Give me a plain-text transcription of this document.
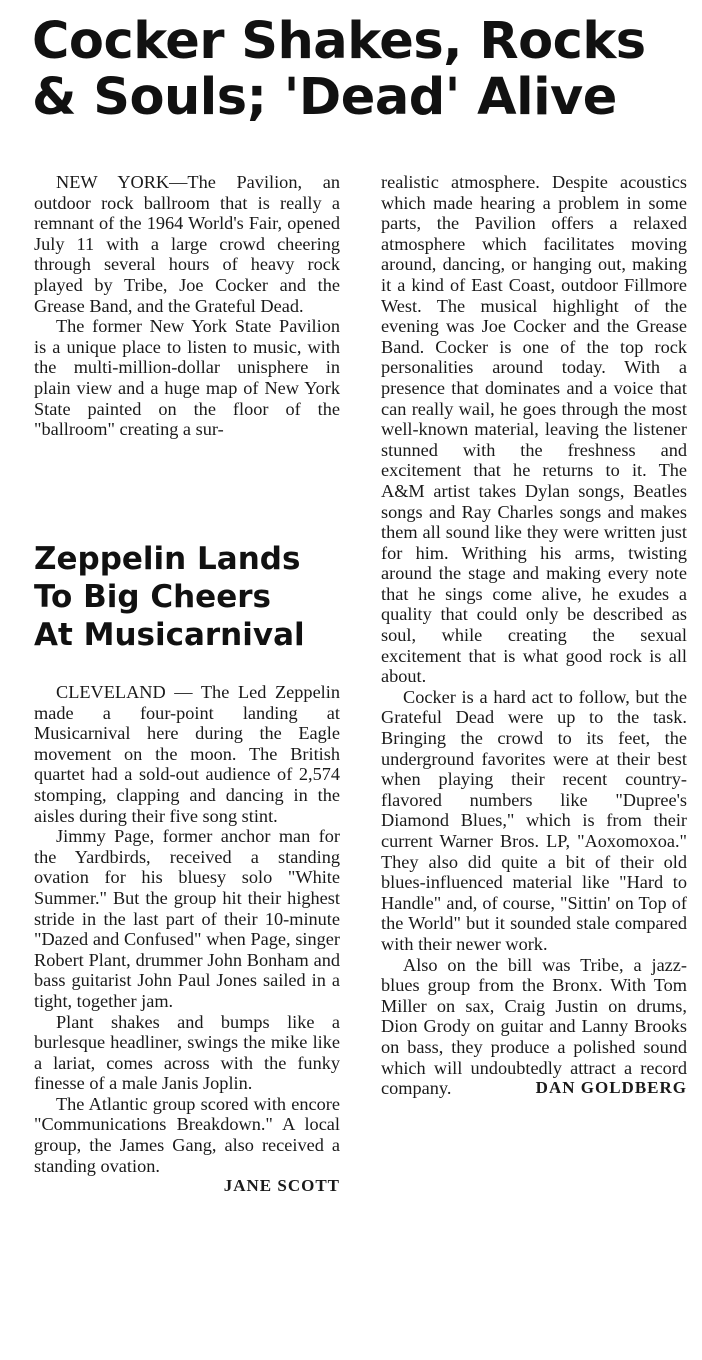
Cocker Shakes, Rocks
& Souls; 'Dead' Alive

NEW YORK—The Pavilion, an outdoor rock ballroom that is really a remnant of the 1964 World's Fair, opened July 11 with a large crowd cheering through several hours of heavy rock played by Tribe, Joe Cocker and the Grease Band, and the Grateful Dead.

The former New York State Pavilion is a unique place to listen to music, with the multi-million-dollar unisphere in plain view and a huge map of New York State painted on the floor of the "ballroom" creating a sur-

Zeppelin Lands
To Big Cheers
At Musicarnival

CLEVELAND — The Led Zeppelin made a four-point landing at Musicarnival here during the Eagle movement on the moon. The British quartet had a sold-out audience of 2,574 stomping, clapping and dancing in the aisles during their five song stint.

Jimmy Page, former anchor man for the Yardbirds, received a standing ovation for his bluesy solo "White Summer." But the group hit their highest stride in the last part of their 10-minute "Dazed and Confused" when Page, singer Robert Plant, drummer John Bonham and bass guitarist John Paul Jones sailed in a tight, together jam.

Plant shakes and bumps like a burlesque headliner, swings the mike like a lariat, comes across with the funky finesse of a male Janis Joplin.

The Atlantic group scored with encore "Communications Breakdown." A local group, the James Gang, also received a standing ovation.

JANE SCOTT

realistic atmosphere. Despite acoustics which made hearing a problem in some parts, the Pavilion offers a relaxed atmosphere which facilitates moving around, dancing, or hanging out, making it a kind of East Coast, outdoor Fillmore West. The musical highlight of the evening was Joe Cocker and the Grease Band. Cocker is one of the top rock personalities around today. With a presence that dominates and a voice that can really wail, he goes through the most well-known material, leaving the listener stunned with the freshness and excitement that he returns to it. The A&M artist takes Dylan songs, Beatles songs and Ray Charles songs and makes them all sound like they were written just for him. Writhing his arms, twisting around the stage and making every note that he sings come alive, he exudes a quality that could only be described as soul, while creating the sexual excitement that is what good rock is all about.

Cocker is a hard act to follow, but the Grateful Dead were up to the task. Bringing the crowd to its feet, the underground favorites were at their best when playing their recent country-flavored numbers like "Dupree's Diamond Blues," which is from their current Warner Bros. LP, "Aoxomoxoa." They also did quite a bit of their old blues-influenced material like "Hard to Handle" and, of course, "Sittin' on Top of the World" but it sounded stale compared with their newer work.

Also on the bill was Tribe, a jazz-blues group from the Bronx. With Tom Miller on sax, Craig Justin on drums, Dion Grody on guitar and Lanny Brooks on bass, they produce a polished sound which will undoubtedly attract a record company.	DAN GOLDBERG
